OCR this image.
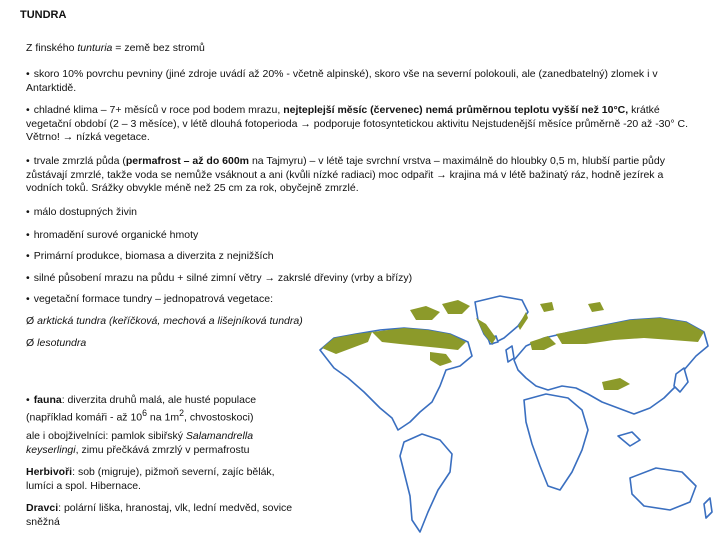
TUNDRA

Z finského tunturia = země bez stromů

• skoro 10% povrchu pevniny (jiné zdroje uvádí až 20% - včetně alpinské), skoro vše na severní polokouli, ale (zanedbatelný) zlomek i v Antarktidě.

• chladné klima – 7+ měsíců v roce pod bodem mrazu, nejteplejší měsíc (červenec) nemá průměrnou teplotu vyšší než 10°C, krátké vegetační období (2 – 3 měsíce), v létě dlouhá fotoperioda → podporuje fotosyntetickou aktivitu Nejstudenější měsíce průměrně -20 až -30° C. Větrno! → nízká vegetace.

• trvale zmrzlá půda (permafrost – až do 600m na Tajmyru) – v létě taje svrchní vrstva – maximálně do hloubky 0,5 m, hlubší partie půdy zůstávají zmrzlé, takže voda se nemůže vsáknout a ani (kvůli nízké radiaci) moc odpařit → krajina má v létě bažinatý ráz, hodně jezírek a vodních toků. Srážky obvykle méně než 25 cm za rok, obyčejně zmrzlé.

• málo dostupných živin

• hromadění surové organické hmoty

• Primární produkce, biomasa a diverzita z nejnižších

• silné působení mrazu na půdu + silné zimní větry → zakrslé dřeviny (vrby a břízy)

• vegetační formace tundry – jednopatrová vegetace:

Ø arktická tundra (keříčková, mechová a lišejníková tundra)

Ø lesotundra

• fauna: diverzita druhů malá, ale husté populace (například komáři - až $10^6$ na $1m^2$, chvostoskoci)

ale i obojživelníci: pamlok sibiřský Salamandrella keyserlingi, zimu přečkává zmrzlý v permafrostu

Herbivoři: sob (migruje), pižmoň severní, zajíc bělák, lumíci a spol. Hibernace.

Dravci: polární liška, hranostaj, vlk, lední medvěd, sovice sněžná
